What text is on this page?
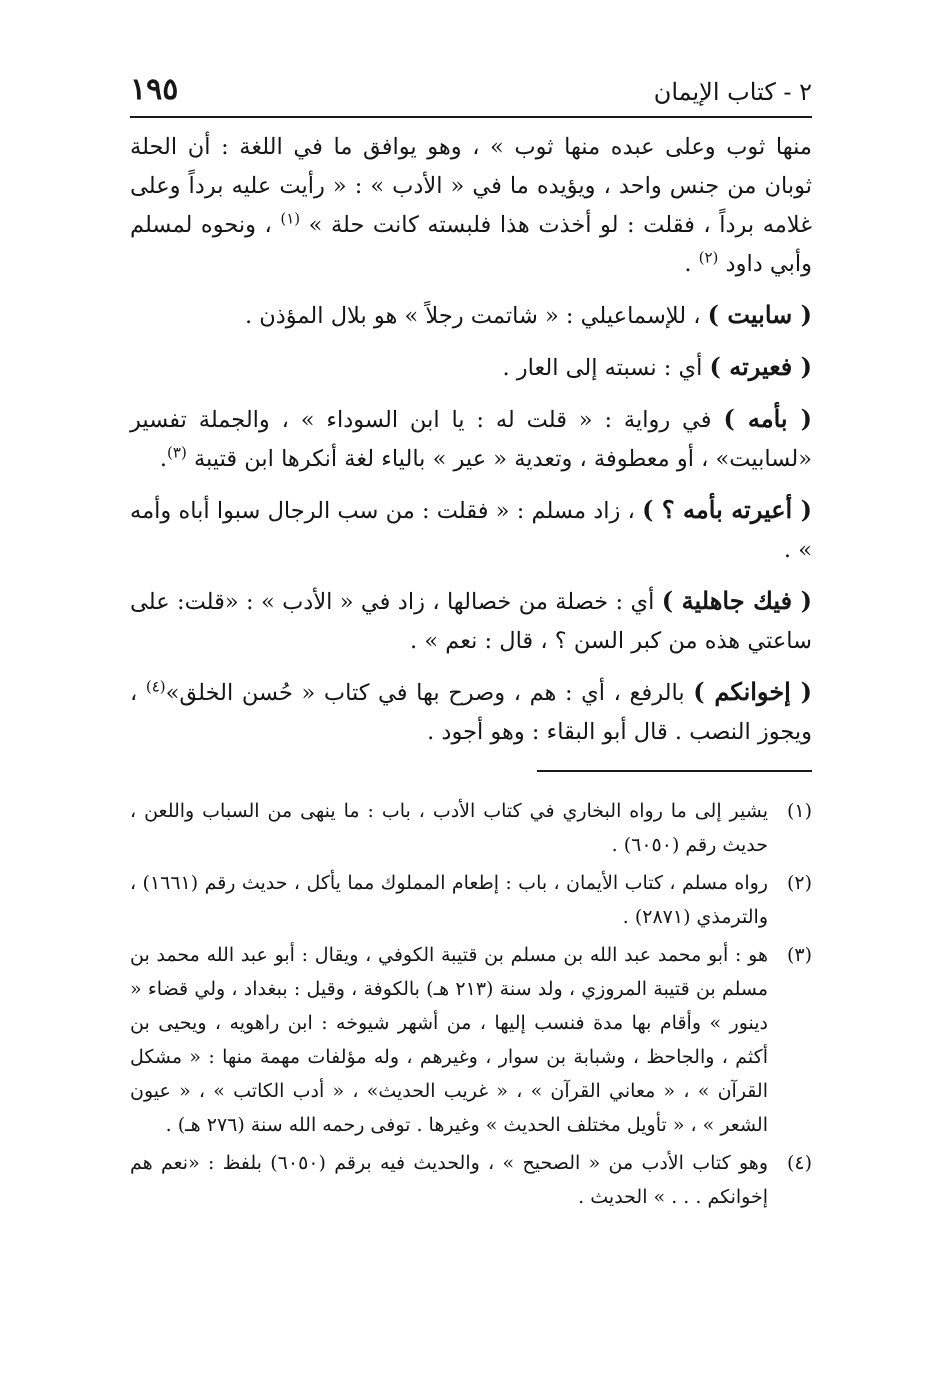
٢ - كتاب الإيمان
١٩٥

منها ثوب وعلى عبده منها ثوب » ، وهو يوافق ما في اللغة : أن الحلة ثوبان من جنس واحد ، ويؤيده ما في « الأدب » : « رأيت عليه برداً وعلى غلامه برداً ، فقلت : لو أخذت هذا فلبسته كانت حلة » $^{(١)}$ ، ونحوه لمسلم وأبي داود $^{(٢)}$ .

( سابيت ) ، للإسماعيلي : « شاتمت رجلاً » هو بلال المؤذن .

( فعيرته ) أي : نسبته إلى العار .

( بأمه ) في رواية : « قلت له : يا ابن السوداء » ، والجملة تفسير «لسابيت» ، أو معطوفة ، وتعدية « عير » بالياء لغة أنكرها ابن قتيبة $^{(٣)}$.

( أعيرته بأمه ؟ ) ، زاد مسلم : « فقلت : من سب الرجال سبوا أباه وأمه » .

( فيك جاهلية ) أي : خصلة من خصالها ، زاد في « الأدب » : «قلت: على ساعتي هذه من كبر السن ؟ ، قال : نعم » .

( إخوانكم ) بالرفع ، أي : هم ، وصرح بها في كتاب « حُسن الخلق»$^{(٤)}$ ، ويجوز النصب . قال أبو البقاء : وهو أجود .

(١)يشير إلى ما رواه البخاري في كتاب الأدب ، باب : ما ينهى من السباب واللعن ، حديث رقم (٦٠٥٠) .

(٢)رواه مسلم ، كتاب الأيمان ، باب : إطعام المملوك مما يأكل ، حديث رقم (١٦٦١) ، والترمذي (٢٨٧١) .

(٣)هو : أبو محمد عبد الله بن مسلم بن قتيبة الكوفي ، ويقال : أبو عبد الله محمد بن مسلم بن قتيبة المروزي ، ولد سنة (٢١٣ هـ) بالكوفة ، وقيل : ببغداد ، ولي قضاء « دينور » وأقام بها مدة فنسب إليها ، من أشهر شيوخه : ابن راهويه ، ويحيى بن أكثم ، والجاحظ ، وشبابة بن سوار ، وغيرهم ، وله مؤلفات مهمة منها : « مشكل القرآن » ، « معاني القرآن » ، « غريب الحديث» ، « أدب الكاتب » ، « عيون الشعر » ، « تأويل مختلف الحديث » وغيرها . توفى رحمه الله سنة (٢٧٦ هـ) .

(٤)وهو كتاب الأدب من « الصحيح » ، والحديث فيه برقم (٦٠٥٠) بلفظ : «نعم هم إخوانكم . . . » الحديث .
